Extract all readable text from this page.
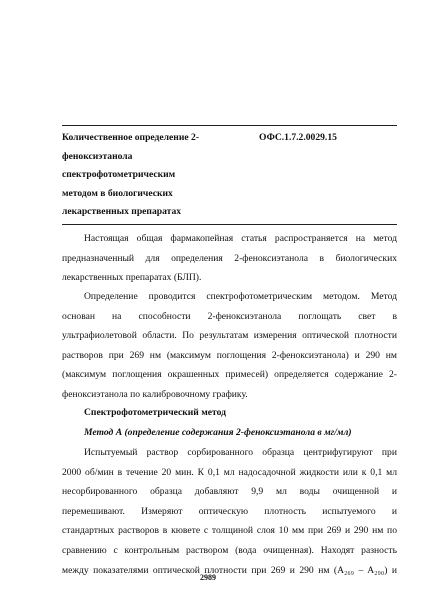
Количественное определение 2-
феноксиэтанола
спектрофотометрическим
методом в биологических
лекарственных препаратах
ОФС.1.7.2.0029.15
Настоящая общая фармакопейная статья распространяется на метод
предназначенный для определения 2-феноксиэтанола в биологических
лекарственных препаратах (БЛП).
Определение проводится спектрофотометрическим методом. Метод
основан на способности 2-феноксиэтанола поглощать свет в
ультрафиолетовой области. По результатам измерения оптической плотности
растворов при 269 нм (максимум поглощения 2-феноксиэтанола) и 290 нм
(максимум поглощения окрашенных примесей) определяется содержание 2-
феноксиэтанола по калибровочному графику.
Спектрофотометрический метод
Метод А (определение содержания 2-феноксиэтанола в мг/мл)
Испытуемый раствор сорбированного образца центрифугируют при
2000 об/мин в течение 20 мин. К 0,1 мл надосадочной жидкости или к 0,1 мл
несорбированного образца добавляют 9,9 мл воды очищенной и
перемешивают. Измеряют оптическую плотность испытуемого и
стандартных растворов в кювете с толщиной слоя 10 мм при 269 и 290 нм по
сравнению с контрольным раствором (вода очищенная). Находят разность
между показателями оптической плотности при 269 и 290 нм (A₂₆₉ – A₂₉₀) и
2989
